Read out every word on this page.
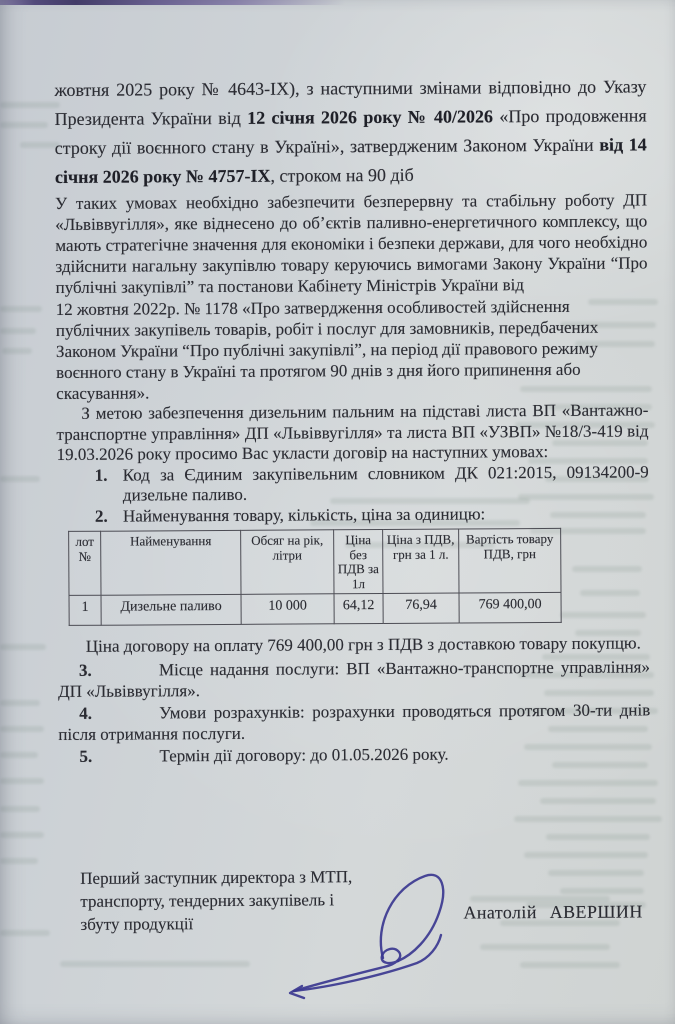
жовтня 2025 року № 4643-ІХ), з наступними змінами відповідно до Указу Президента України від 12 січня 2026 року № 40/2026 «Про продовження строку дії воєнного стану в Україні», затвердженим Законом України від 14 січня 2026 року № 4757-ІХ, строком на 90 діб

У таких умовах необхідно забезпечити безперервну та стабільну роботу ДП «Львіввугілля», яке віднесено до об’єктів паливно-енергетичного комплексу, що мають стратегічне значення для економіки і безпеки держави, для чого необхідно здійснити нагальну закупівлю товару керуючись вимогами Закону України “Про публічні закупівлі” та постанови Кабінету Міністрів України від

12 жовтня 2022р. № 1178 «Про затвердження особливостей здійснення публічних закупівель товарів, робіт і послуг для замовників, передбачених Законом України “Про публічні закупівлі”, на період дії правового режиму воєнного стану в Україні та протягом 90 днів з дня його припинення або скасування».

З метою забезпечення дизельним пальним на підставі листа ВП «Вантажно-транспортне управління» ДП «Львіввугілля» та листа ВП «УЗВП» №18/3-419 від 19.03.2026 року просимо Вас укласти договір на наступних умовах:

1. Код за Єдиним закупівельним словником ДК 021:2015, 09134200-9 дизельне паливо.
2. Найменування товару, кількість, ціна за одиницю:
лот №	Найменування	Обсяг на рік, літри	Ціна без ПДВ за 1л	Ціна з ПДВ, грн за 1 л.	Вартість товару ПДВ, грн
1	Дизельне паливо	10 000	64,12	76,94	769 400,00

Ціна договору на оплату 769 400,00 грн з ПДВ з доставкою товару покупцю.

3.	Місце надання послуги: ВП «Вантажно-транспортне управління» ДП «Львіввугілля».

4.	Умови розрахунків: розрахунки проводяться протягом 30-ти днів після отримання послуги.

5.	Термін дії договору: до 01.05.2026 року.

Перший заступник директора з МТП,
транспорту, тендерних закупівель і
збуту продукції
Анатолій АВЕРШИН
